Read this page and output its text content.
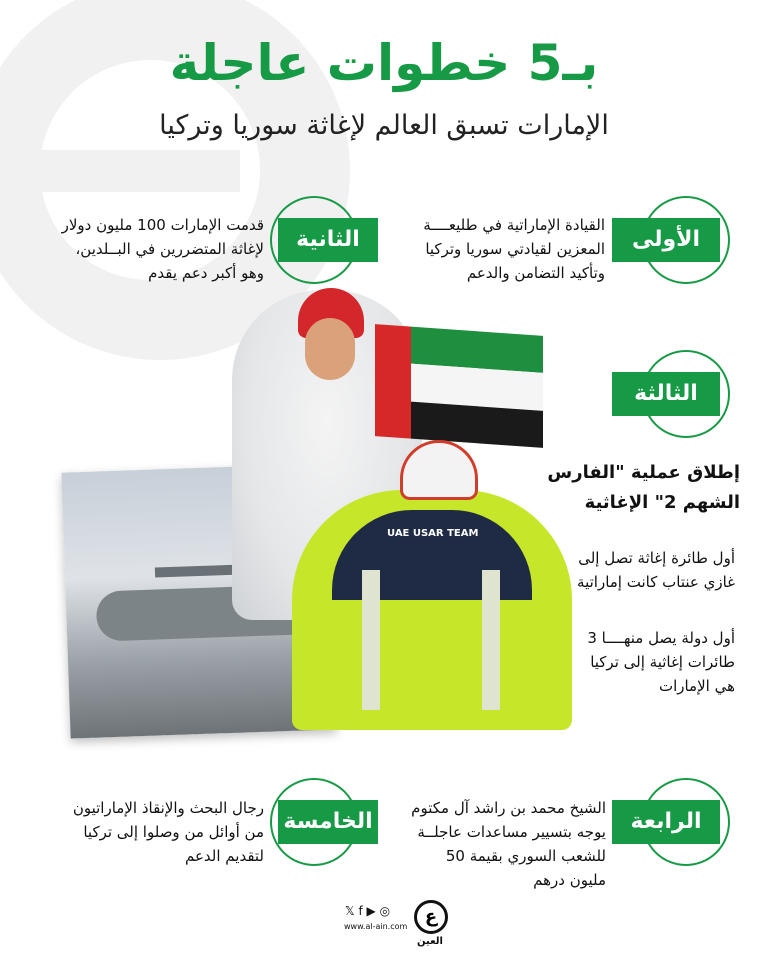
بـ5 خطوات عاجلة
الإمارات تسبق العالم لإغاثة سوريا وتركيا
الأولى
القيادة الإماراتية في طليعــــة
المعزين لقيادتي سوريا وتركيا
وتأكيد التضامن والدعم
الثانية
قدمت الإمارات 100 مليون دولار
لإغاثة المتضررين في البــلدين،
وهو أكبر دعم يقدم
UAE USAR TEAM
الثالثة
إطلاق عملية "الفارس
الشهم 2" الإغاثية
أول طائرة إغاثة تصل إلى
غازي عنتاب كانت إماراتية
أول دولة يصل منهــــا 3
طائرات إغاثية إلى تركيا
هي الإمارات
الرابعة
الشيخ محمد بن راشد آل مكتوم
يوجه بتسيير مساعدات عاجلــة
للشعب السوري بقيمة 50
مليون درهم
الخامسة
رجال البحث والإنقاذ الإماراتيون
من أوائل من وصلوا إلى تركيا
لتقديم الدعم
𝕏 f ▶ ◎
www.al-ain.com ع
العين
